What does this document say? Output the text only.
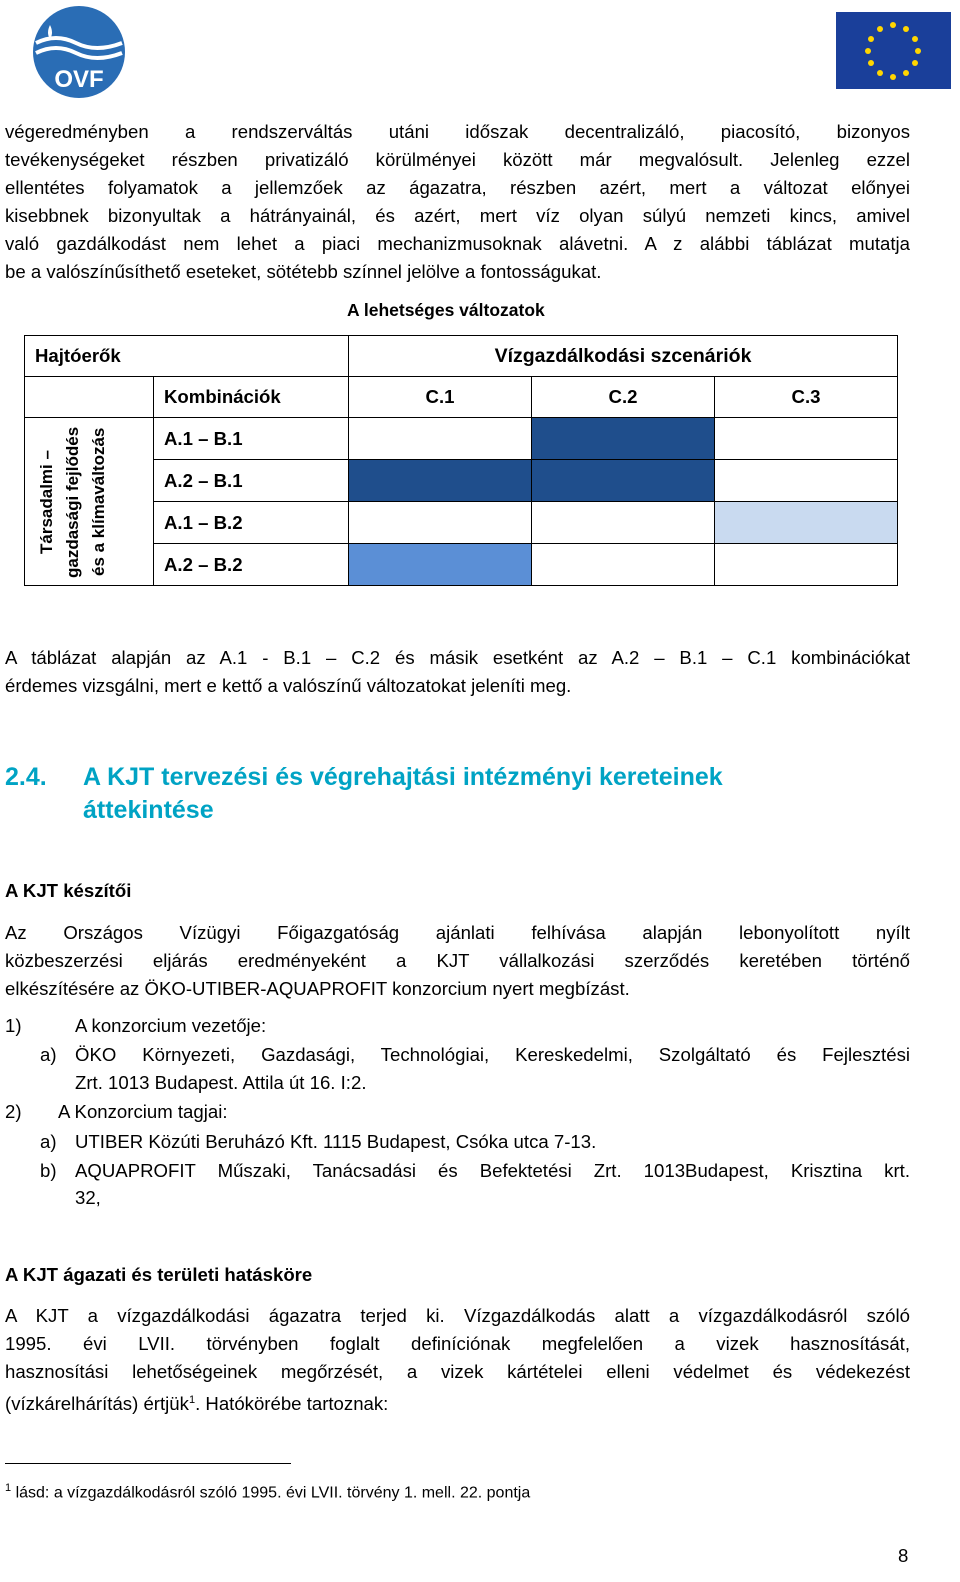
OVF
végeredményben a rendszerváltás utáni időszak decentralizáló, piacosító, bizonyos
tevékenységeket részben privatizáló körülményei között már megvalósult. Jelenleg ezzel
ellentétes folyamatok a jellemzőek az ágazatra, részben azért, mert a változat előnyei
kisebbnek bizonyultak a hátrányainál, és azért, mert víz olyan súlyú nemzeti kincs, amivel
való gazdálkodást nem lehet a piaci mechanizmusoknak alávetni. A z alábbi táblázat mutatja
be a valószínűsíthető eseteket, sötétebb színnel jelölve a fontosságukat.
A lehetséges változatok
Hajtóerők		Vízgazdálkodási szcenáriók		
	Kombinációk	C.1	C.2	C.3

Társadalmi – gazdasági fejlődés és a klímaváltozás	A.1 – B.1			
	A.2 – B.1			
	A.1 – B.2			
	A.2 – B.2			
A táblázat alapján az A.1 - B.1 – C.2 és másik esetként az A.2 – B.1 – C.1 kombinációkat
érdemes vizsgálni, mert e kettő a valószínű változatokat jeleníti meg.
2.4. A KJT tervezési és végrehajtási intézményi kereteinek
áttekintése
A KJT készítői
Az Országos Vízügyi Főigazgatóság ajánlati felhívása alapján lebonyolított nyílt
közbeszerzési eljárás eredményeként a KJT vállalkozási szerződés keretében történő
elkészítésére az ÖKO-UTIBER-AQUAPROFIT konzorcium nyert megbízást.
1)	A konzorcium vezetője:
a) ÖKO Környezeti, Gazdasági, Technológiai, Kereskedelmi, Szolgáltató és Fejlesztési
Zrt. 1013 Budapest. Attila út 16. I:2.
2) A Konzorcium tagjai:
a) UTIBER Közúti Beruházó Kft. 1115 Budapest, Csóka utca 7-13.
b) AQUAPROFIT Műszaki, Tanácsadási és Befektetési Zrt. 1013Budapest, Krisztina krt.
32,
A KJT ágazati és területi hatásköre
A KJT a vízgazdálkodási ágazatra terjed ki. Vízgazdálkodás alatt a vízgazdálkodásról szóló
1995. évi LVII. törvényben foglalt definíciónak megfelelően a vizek hasznosítását,
hasznosítási lehetőségeinek megőrzését, a vizek kártételei elleni védelmet és védekezést
(vízkárelhárítás) értjük$^1$. Hatókörébe tartoznak:
$^1$ lásd: a vízgazdálkodásról szóló 1995. évi LVII. törvény 1. mell. 22. pontja
8
